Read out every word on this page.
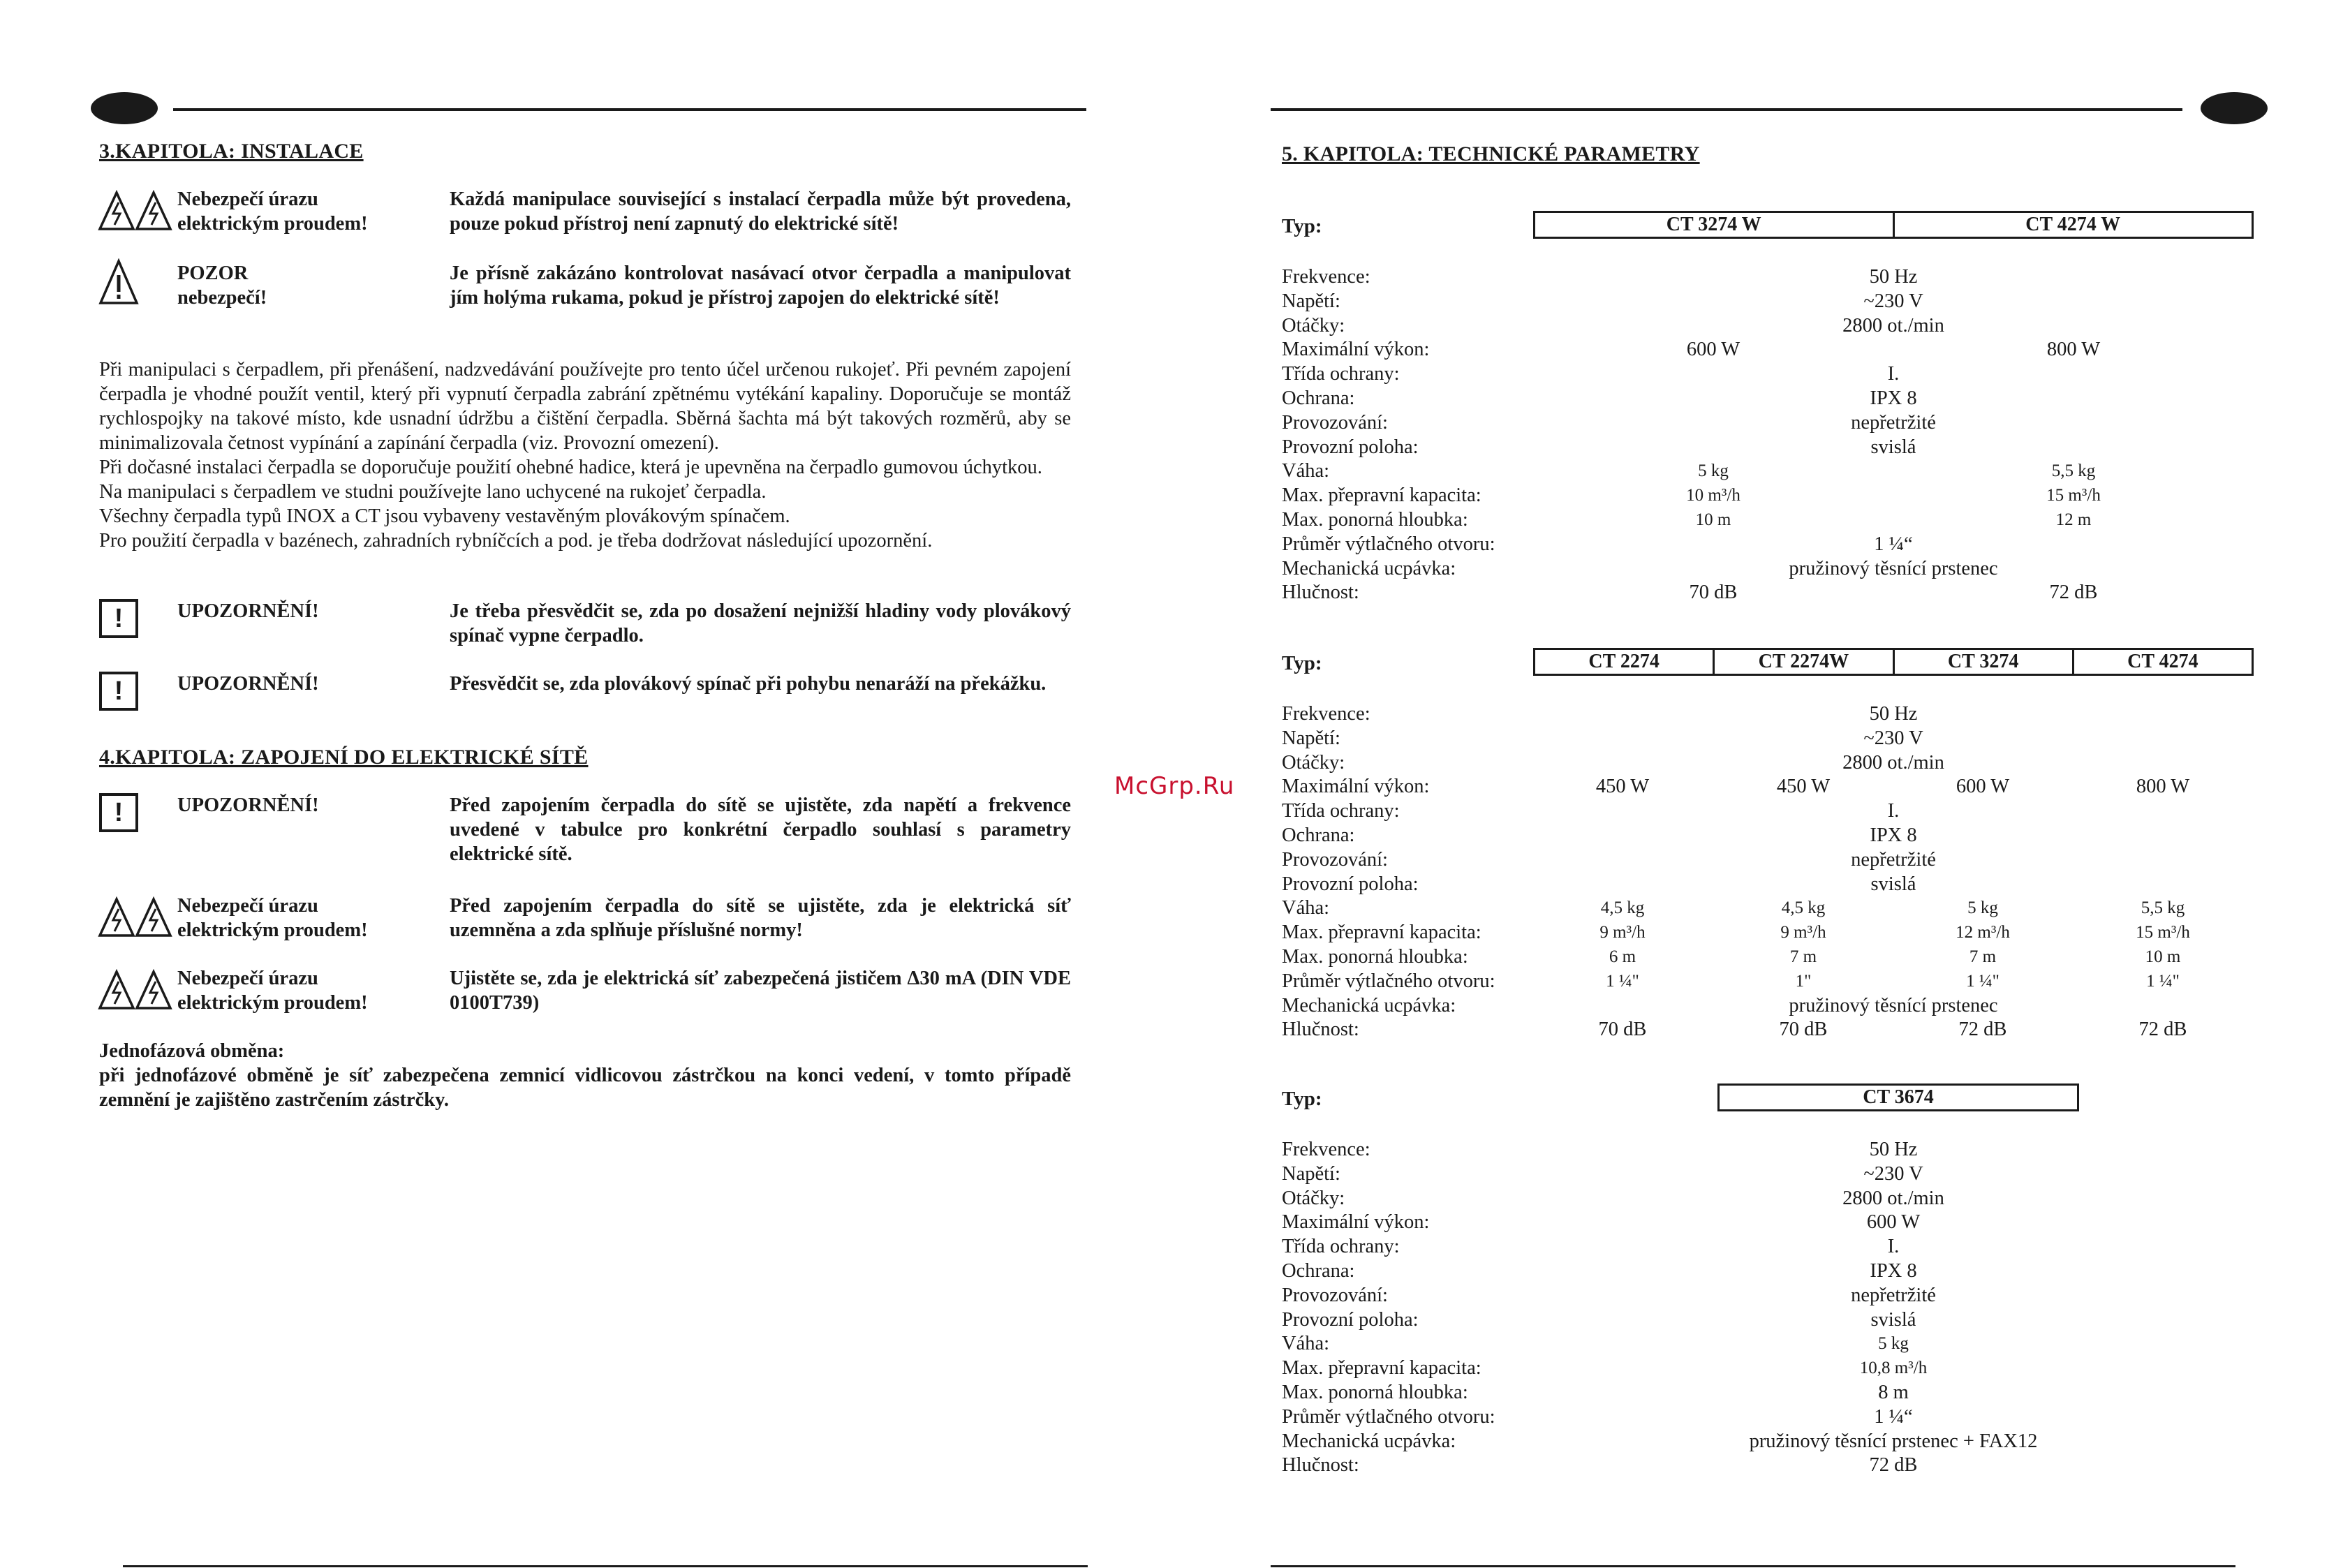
3.KAPITOLA: INSTALACE
Nebezpečí úrazu
elektrickým proudem!
Každá manipulace související s instalací čerpadla může být provedena, pouze pokud přístroj není zapnutý do elektrické sítě!
POZOR
nebezpečí!
Je přísně zakázáno kontrolovat nasávací otvor čerpadla a manipulovat jím holýma rukama, pokud je přístroj zapojen do elektrické sítě!

Při manipulaci s čerpadlem, při přenášení, nadzvedávání používejte pro tento účel určenou rukojeť. Při pevném zapojení čerpadla je vhodné použít ventil, který při vypnutí čerpadla zabrání zpětnému vytékání kapaliny. Doporučuje se montáž rychlospojky na takové místo, kde usnadní údržbu a čištění čerpadla. Sběrná šachta má být takových rozměrů, aby se minimalizovala četnost vypínání a zapínání čerpadla (viz. Provozní omezení).

Při dočasné instalaci čerpadla se doporučuje použití ohebné hadice, která je upevněna na čerpadlo gumovou úchytkou.

Na manipulaci s čerpadlem ve studni používejte lano uchycené na rukojeť čerpadla.

Všechny čerpadla typů INOX a CT jsou vybaveny vestavěným plovákovým spínačem.

Pro použití čerpadla v bazénech, zahradních rybníčcích a pod. je třeba dodržovat následující upozornění.

!	UPOZORNĚNÍ!	Je třeba přesvědčit se, zda po dosažení nejnižší hladiny vody plovákový spínač vypne čerpadlo.
!	UPOZORNĚNÍ!	Přesvědčit se, zda plovákový spínač při pohybu nenaráží na překážku.
4.KAPITOLA: ZAPOJENÍ DO ELEKTRICKÉ SÍTĚ
!	UPOZORNĚNÍ!	Před zapojením čerpadla do sítě se ujistěte, zda napětí a frekvence uvedené v tabulce pro konkrétní čerpadlo souhlasí s parametry elektrické sítě.
Nebezpečí úrazu
elektrickým proudem!
Před zapojením čerpadla do sítě se ujistěte, zda je elektrická síť uzemněna a zda splňuje příslušné normy!
Nebezpečí úrazu
elektrickým proudem!
Ujistěte se, zda je elektrická síť zabezpečená jističem Δ30 mA (DIN VDE 0100T739)
Jednofázová obměna:
při jednofázové obměně je síť zabezpečena zemnicí vidlicovou zástrčkou na konci vedení, v tomto případě zemnění je zajištěno zastrčením zástrčky.
McGrp.Ru
5. KAPITOLA: TECHNICKÉ PARAMETRY
Typ:	CT 3274 W	CT 4274 W
Frekvence:	50 Hz
Napětí:	~230 V
Otáčky:	2800 ot./min
Maximální výkon:	600 W	800 W
Třída ochrany:	I.
Ochrana:	IPX 8
Provozování:	nepřetržité
Provozní poloha:	svislá
Váha:	5 kg	5,5 kg
Max. přepravní kapacita:	10 m³/h	15 m³/h
Max. ponorná hloubka:	10 m	12 m
Průměr výtlačného otvoru:	1 ¼“
Mechanická ucpávka:	pružinový těsnící prstenec
Hlučnost:	70 dB	72 dB
Typ:	CT 2274	CT 2274W	CT 3274	CT 4274
Frekvence:	50 Hz
Napětí:	~230 V
Otáčky:	2800 ot./min
Maximální výkon:	450 W	450 W	600 W	800 W
Třída ochrany:	I.
Ochrana:	IPX 8
Provozování:	nepřetržité
Provozní poloha:	svislá
Váha:	4,5 kg	4,5 kg	5 kg	5,5 kg
Max. přepravní kapacita:	9 m³/h	9 m³/h	12 m³/h	15 m³/h
Max. ponorná hloubka:	6 m	7 m	7 m	10 m
Průměr výtlačného otvoru:	1 ¼"	1"	1 ¼"	1 ¼"
Mechanická ucpávka:	pružinový těsnící prstenec
Hlučnost:	70 dB	70 dB	72 dB	72 dB
Typ:	CT 3674
Frekvence:	50 Hz
Napětí:	~230 V
Otáčky:	2800 ot./min
Maximální výkon:	600 W
Třída ochrany:	I.
Ochrana:	IPX 8
Provozování:	nepřetržité
Provozní poloha:	svislá
Váha:	5 kg
Max. přepravní kapacita:	10,8 m³/h
Max. ponorná hloubka:	8 m
Průměr výtlačného otvoru:	1 ¼“
Mechanická ucpávka:	pružinový těsnící prstenec + FAX12
Hlučnost:	72 dB
